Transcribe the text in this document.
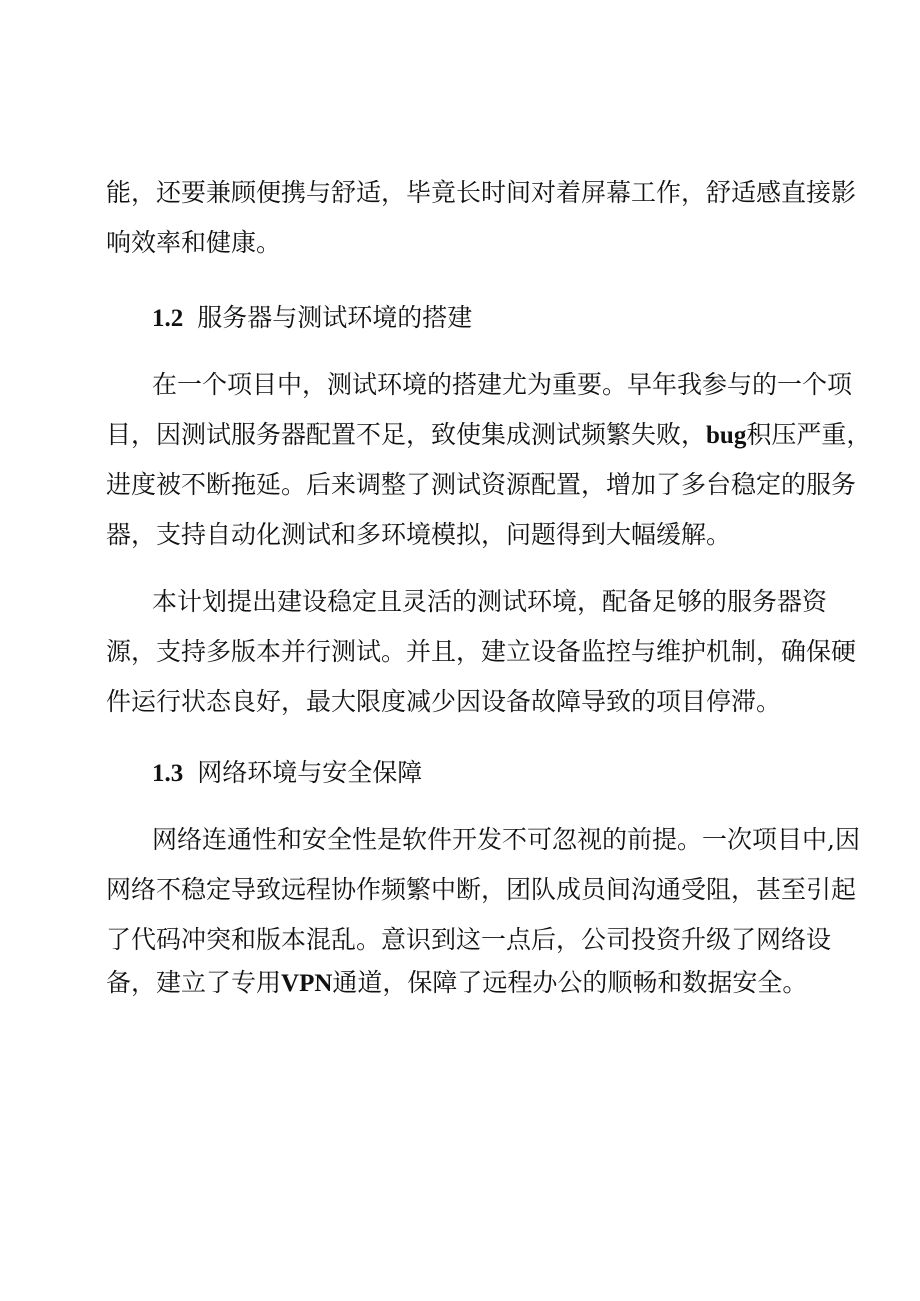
能，还要兼顾便携与舒适，毕竟长时间对着屏幕工作，舒适感直接影
响效率和健康。
1.2 服务器与测试环境的搭建
在一个项目中，测试环境的搭建尤为重要。早年我参与的一个项
目，因测试服务器配置不足，致使集成测试频繁失败，bug积压严重，
进度被不断拖延。后来调整了测试资源配置，增加了多台稳定的服务
器，支持自动化测试和多环境模拟，问题得到大幅缓解。
本计划提出建设稳定且灵活的测试环境，配备足够的服务器资
源，支持多版本并行测试。并且，建立设备监控与维护机制，确保硬
件运行状态良好，最大限度减少因设备故障导致的项目停滞。
1.3 网络环境与安全保障
网络连通性和安全性是软件开发不可忽视的前提。一次项目中,因
网络不稳定导致远程协作频繁中断，团队成员间沟通受阻，甚至引起
了代码冲突和版本混乱。意识到这一点后，公司投资升级了网络设
备，建立了专用VPN通道，保障了远程办公的顺畅和数据安全。
